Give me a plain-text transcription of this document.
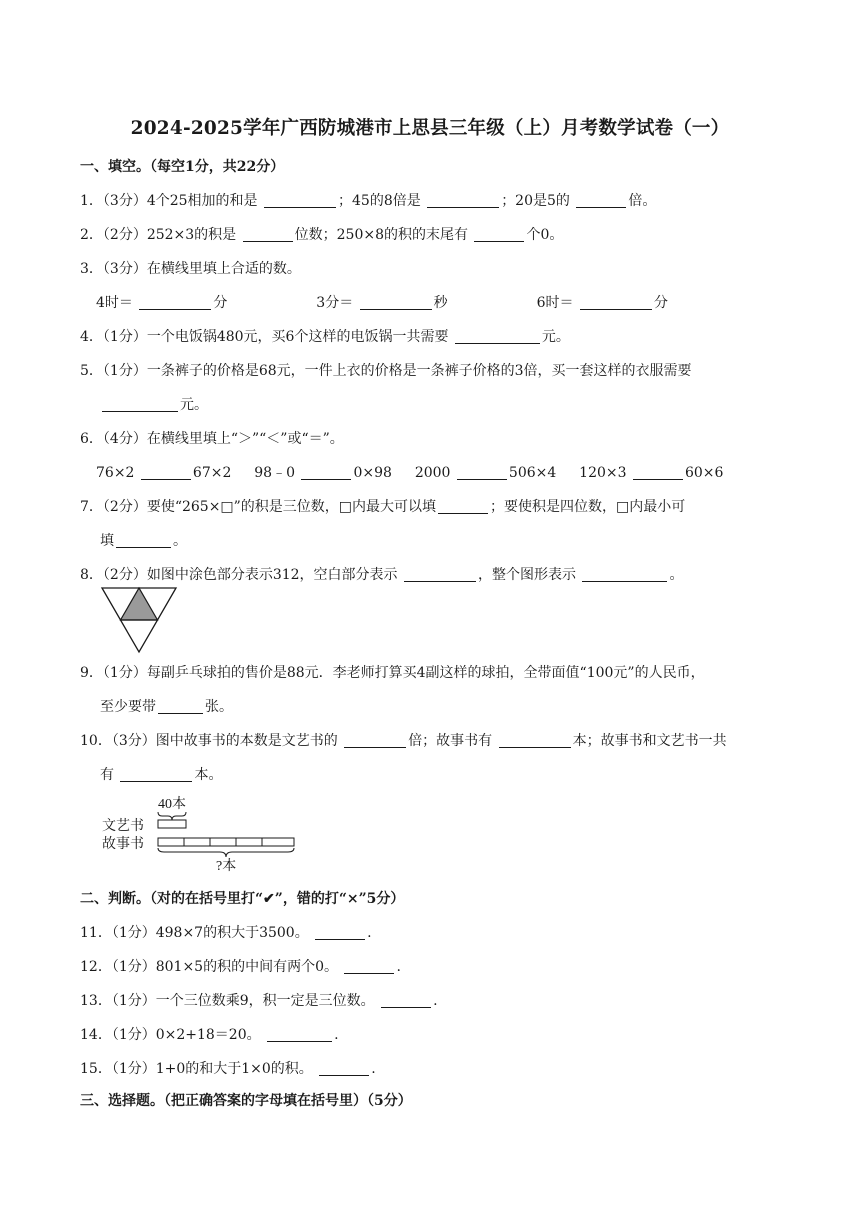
2024-2025学年广西防城港市上思县三年级（上）月考数学试卷（一）
一、填空。（每空1分，共22分）
1．（3分）4个25相加的和是	；45的8倍是	；20是5的	倍。
2．（2分）252×3的积是	位数；250×8的积的末尾有	个0。
3．（3分）在横线里填上合适的数。
4时＝	分	3分＝	秒	6时＝	分
4．（1分）一个电饭锅480元，买6个这样的电饭锅一共需要	元。
5．（1分）一条裤子的价格是68元，一件上衣的价格是一条裤子价格的3倍，买一套这样的衣服需要
元。
6．（4分）在横线里填上“＞”“＜”或“＝”。
76×2	67×2 98﹣0	0×98 2000	506×4 120×3	60×6
7．（2分）要使“265×□”的积是三位数，□内最大可以填	；要使积是四位数，□内最小可
填	。
8．（2分）如图中涂色部分表示312，空白部分表示	，整个图形表示	。
9．（1分）每副乒乓球拍的售价是88元．李老师打算买4副这样的球拍，全带面值“100元”的人民币，
至少要带	张。
10．（3分）图中故事书的本数是文艺书的	倍；故事书有	本；故事书和文艺书一共
有	本。
40本
文艺书
故事书
?本
二、判断。（对的在括号里打“✔”，错的打“×”5分）
11．（1分）498×7的积大于3500。	.
12．（1分）801×5的积的中间有两个0。	.
13．（1分）一个三位数乘9，积一定是三位数。	.
14．（1分）0×2+18＝20。	.
15．（1分）1+0的和大于1×0的积。	.
三、选择题。（把正确答案的字母填在括号里）（5分）
